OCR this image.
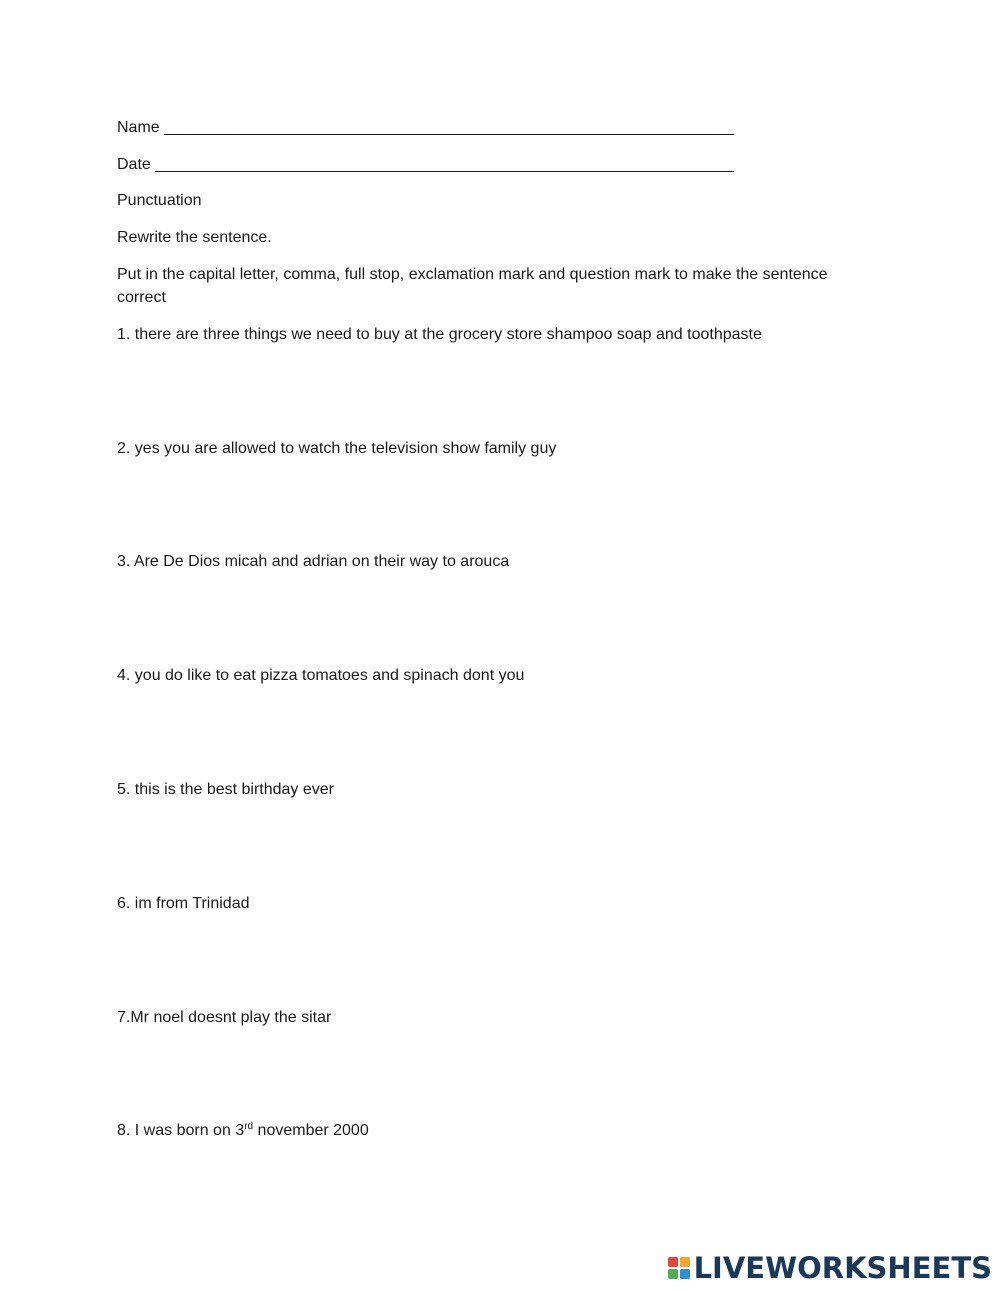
Name ________________________________________________________________
Date _________________________________________________________________
Punctuation
Rewrite the sentence.
Put in the capital letter, comma, full stop, exclamation mark and question mark to make the sentence correct
1. there are three things we need to buy at the grocery store shampoo soap and toothpaste
2. yes you are allowed to watch the television show family guy
3. Are De Dios micah and adrian on their way to arouca
4. you do like to eat pizza tomatoes and spinach dont you
5. this is the best birthday ever
6. im from Trinidad
7.Mr noel doesnt play the sitar
8. I was born on 3rd november 2000
LIVEWORKSHEETS
